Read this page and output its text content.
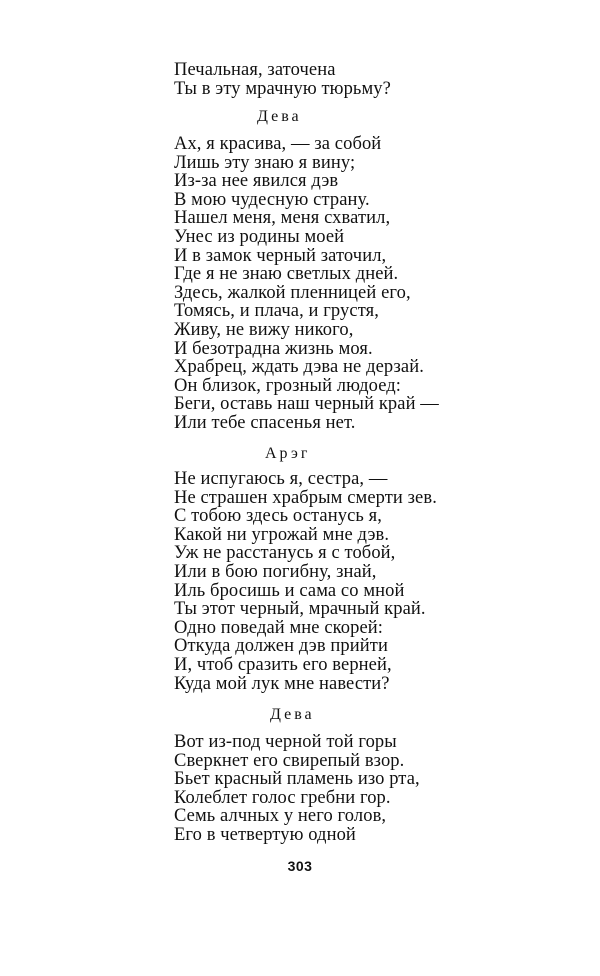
Печальная, заточена
Ты в эту мрачную тюрьму?
Дева
Ах, я красива, — за собой
Лишь эту знаю я вину;
Из-за нее явился дэв
В мою чудесную страну.
Нашел меня, меня схватил,
Унес из родины моей
И в замок черный заточил,
Где я не знаю светлых дней.
Здесь, жалкой пленницей его,
Томясь, и плача, и грустя,
Живу, не вижу никого,
И безотрадна жизнь моя.
Храбрец, ждать дэва не дерзай.
Он близок, грозный людоед:
Беги, оставь наш черный край —
Или тебе спасенья нет.
Арэг
Не испугаюсь я, сестра, —
Не страшен храбрым смерти зев.
С тобою здесь останусь я,
Какой ни угрожай мне дэв.
Уж не расстанусь я с тобой,
Или в бою погибну, знай,
Иль бросишь и сама со мной
Ты этот черный, мрачный край.
Одно поведай мне скорей:
Откуда должен дэв прийти
И, чтоб сразить его верней,
Куда мой лук мне навести?
Дева
Вот из-под черной той горы
Сверкнет его свирепый взор.
Бьет красный пламень изо рта,
Колеблет голос гребни гор.
Семь алчных у него голов,
Его в четвертую одной
303
